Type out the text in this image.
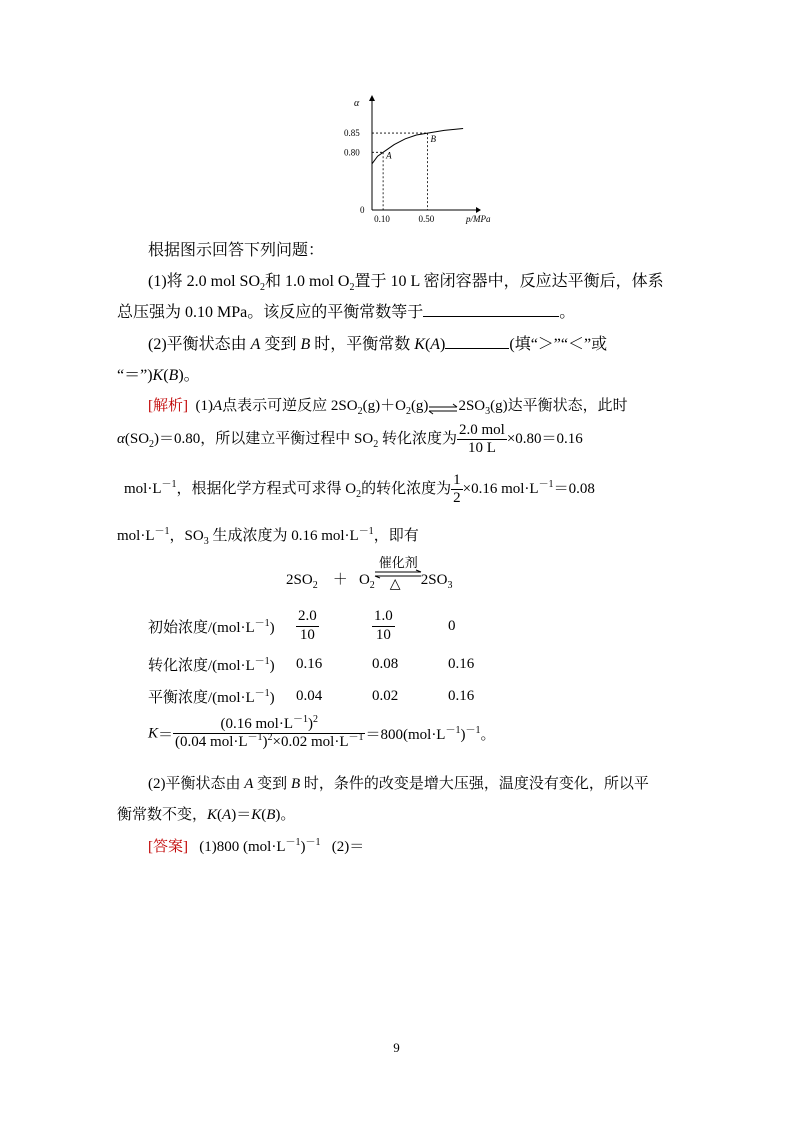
α
p/MPa
0
A
0.10
0.80
B
0.50
0.85
根据图示回答下列问题：
(1)将 2.0 mol $SO_2$和 1.0 mol $O_2$置于 10 L 密闭容器中，反应达平衡后，体系
总压强为 0.10 MPa。该反应的平衡常数等于	。
(2)平衡状态由 A 变到 B 时，平衡常数 K(A)	(填“＞”“＜”或
“＝”)K(B)。
[解析] (1)A点表示可逆反应 $2SO_2(g)+O_2(g)\rightleftharpoons 2SO_3(g)$达平衡状态，此时
$\alpha(SO_2)=0.80$，所以建立平衡过程中 $SO_2$ 转化浓度为 $\frac{\text{2.0 mol}}{10 L} \times 0.80=0.16$
$mol\cdot L^{-1}$，根据化学方程式可求得 $O_2$的转化浓度为 $\frac{1}{2} \times 0.16$ $mol\cdot L^{-1}=0.08$
$mol\cdot L^{-1}$，$SO_3$ 生成浓度为 0.16 $mol\cdot L^{-1}$，即有
$2SO_2 + O_2$
催化剂
△ $2SO_3$
初始浓度$/(mol\cdot L^{-1})$	$\frac{2.0}{10}$	$\frac{1.0}{10}$	0
转化浓度$/(mol\cdot L^{-1})$	0.16	0.08	0.16
平衡浓度$/(mol\cdot L^{-1})$	0.04	0.02	0.16
$K= \frac{(0.16 mol\cdot L^{-1})^2}{(0.04 mol\cdot L^{-1})^2\times 0.02 mol\cdot L^{-1}} =800(mol\cdot L^{-1})^{-1}$。
(2)平衡状态由 A 变到 B 时，条件的改变是增大压强，温度没有变化，所以平
衡常数不变，K(A)＝K(B)。
[答案] (1)800 $(mol\cdot L^{-1})^{-1}$ (2)＝
9
